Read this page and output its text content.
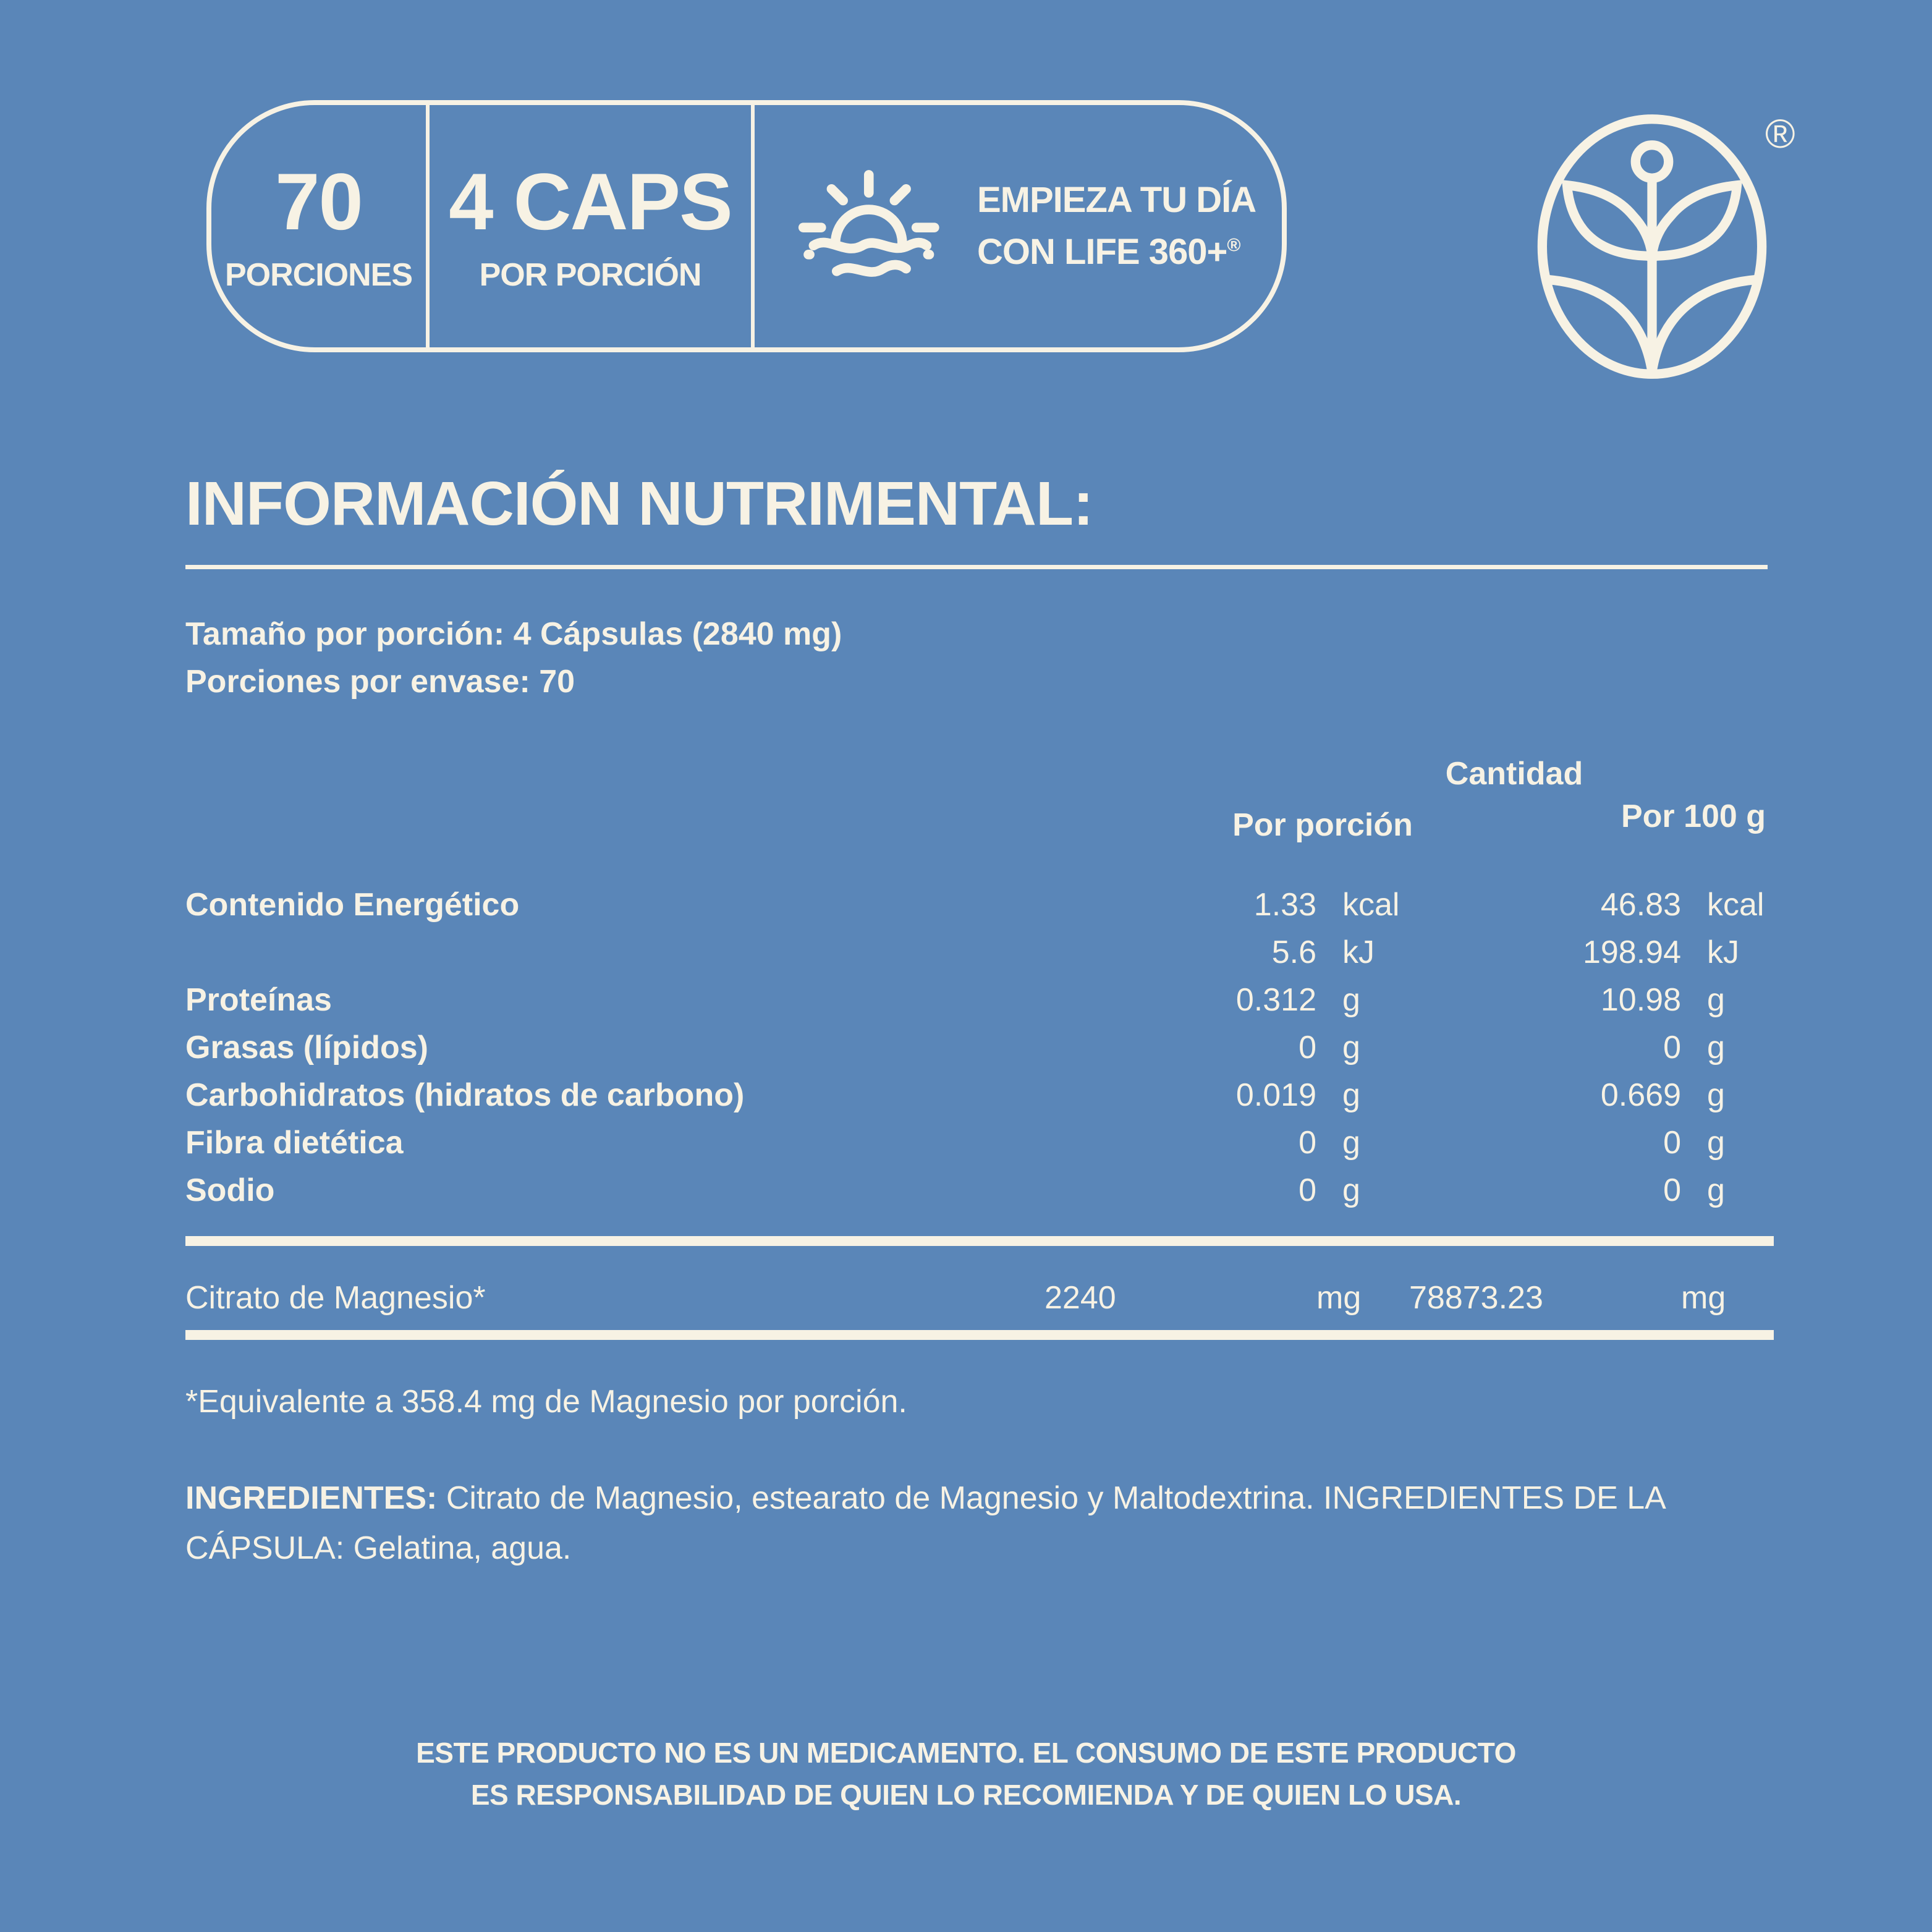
70
PORCIONES
4 CAPS
POR PORCIÓN
EMPIEZA TU DÍA
CON LIFE 360+®
®
INFORMACIÓN NUTRIMENTAL:
Tamaño por porción: 4 Cápsulas (2840 mg)
Porciones por envase: 70
Cantidad
Por porción	Por 100 g
Contenido Energético	1.33 kcal	46.83 kcal
5.6 kJ	198.94 kJ
Proteínas	0.312 g	10.98 g
Grasas (lípidos)	0 g	0 g
Carbohidratos (hidratos de carbono)	0.019 g	0.669 g
Fibra dietética	0 g	0 g
Sodio	0 g	0 g
Citrato de Magnesio*	2240	mg	78873.23	mg
*Equivalente a 358.4 mg de Magnesio por porción.
INGREDIENTES: Citrato de Magnesio, estearato de Magnesio y Maltodextrina. INGREDIENTES DE LA CÁPSULA: Gelatina, agua.
ESTE PRODUCTO NO ES UN MEDICAMENTO. EL CONSUMO DE ESTE PRODUCTO
ES RESPONSABILIDAD DE QUIEN LO RECOMIENDA Y DE QUIEN LO USA.
